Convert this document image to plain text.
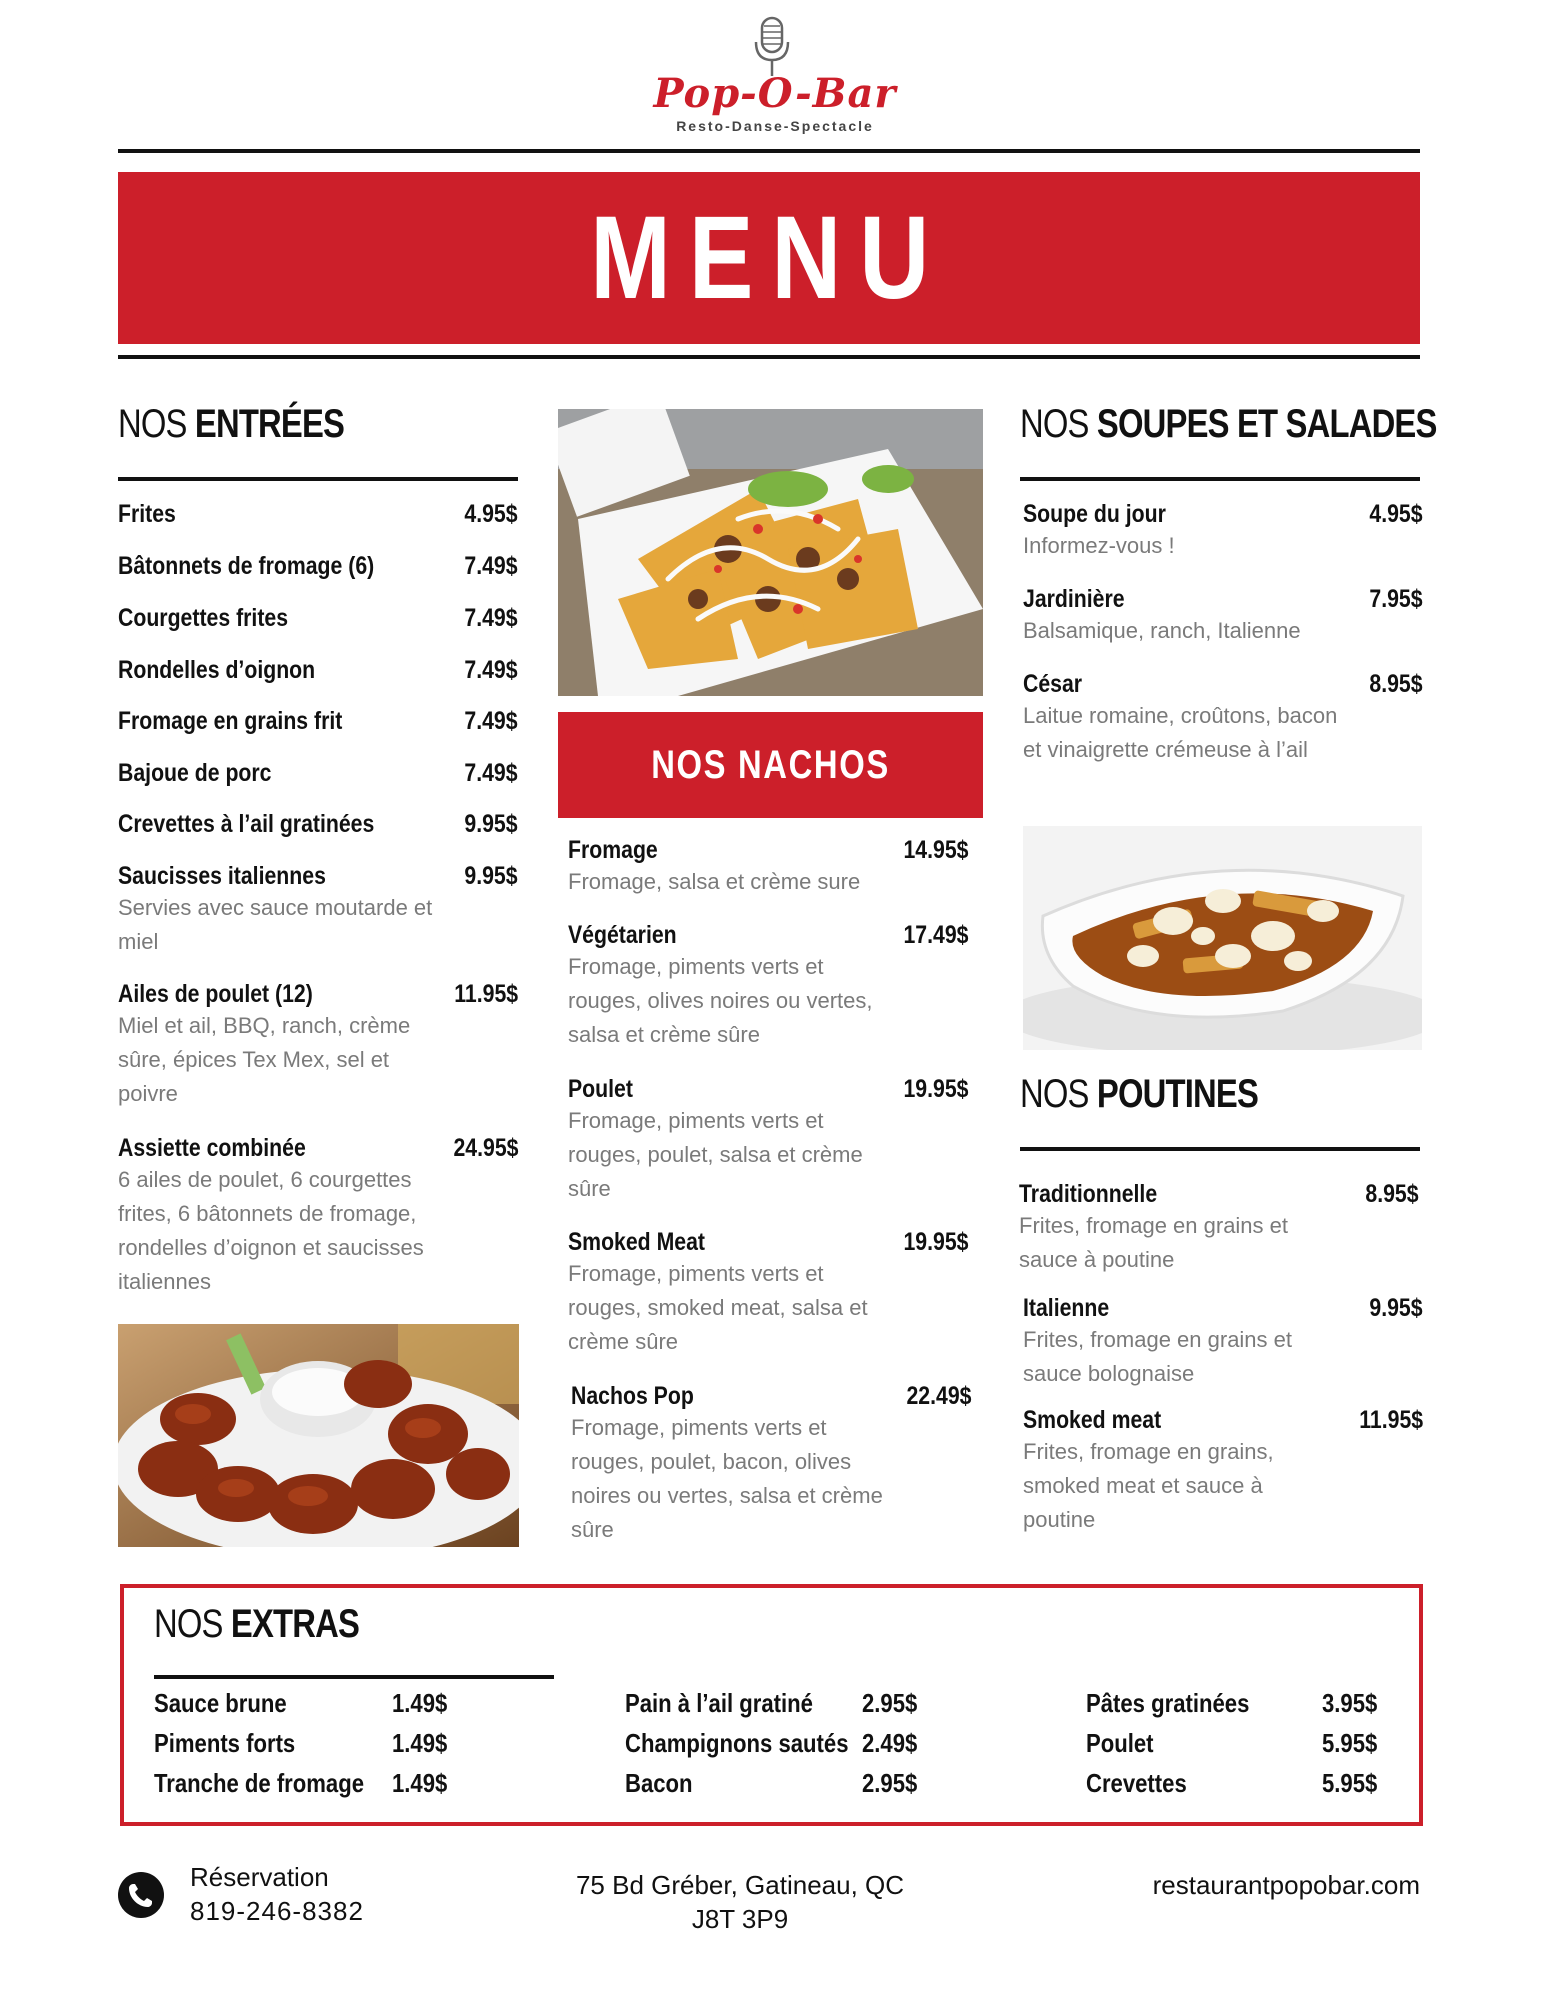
Pop-O-Bar
Resto-Danse-Spectacle
MENU
NOS ENTRÉES
Frites	4.95$
Bâtonnets de fromage (6)	7.49$
Courgettes frites	7.49$
Rondelles d’oignon	7.49$
Fromage en grains frit	7.49$
Bajoue de porc	7.49$
Crevettes à l’ail gratinées	9.95$
Saucisses italiennes	9.95$
Servies avec sauce moutarde et miel
Ailes de poulet (12)	11.95$
Miel et ail, BBQ, ranch, crème sûre, épices Tex Mex, sel et poivre
Assiette combinée	24.95$
6 ailes de poulet, 6 courgettes frites, 6 bâtonnets de fromage, rondelles d’oignon et saucisses italiennes
NOS NACHOS
Fromage	14.95$
Fromage, salsa et crème sure
Végétarien	17.49$
Fromage, piments verts et rouges, olives noires ou vertes, salsa et crème sûre
Poulet	19.95$
Fromage, piments verts et rouges, poulet, salsa et crème sûre
Smoked Meat	19.95$
Fromage, piments verts et rouges, smoked meat, salsa et crème sûre
Nachos Pop	22.49$
Fromage, piments verts et rouges, poulet, bacon, olives noires ou vertes, salsa et crème sûre
NOS SOUPES ET SALADES
Soupe du jour	4.95$
Informez-vous !
Jardinière	7.95$
Balsamique, ranch, Italienne
César	8.95$
Laitue romaine, croûtons, bacon et vinaigrette crémeuse à l’ail
NOS POUTINES
Traditionnelle	8.95$
Frites, fromage en grains et sauce à poutine
Italienne	9.95$
Frites, fromage en grains et sauce bolognaise
Smoked meat	11.95$
Frites, fromage en grains, smoked meat et sauce à poutine
NOS EXTRAS
Sauce brune	1.49$
Piments forts	1.49$
Tranche de fromage 1.49$
Pain à l’ail gratiné 2.95$
Champignons sautés 2.49$
Bacon	2.95$
Pâtes gratinées	3.95$
Poulet	5.95$
Crevettes	5.95$
Réservation
819-246-8382
75 Bd Gréber, Gatineau, QC
J8T 3P9
restaurantpopobar.com
